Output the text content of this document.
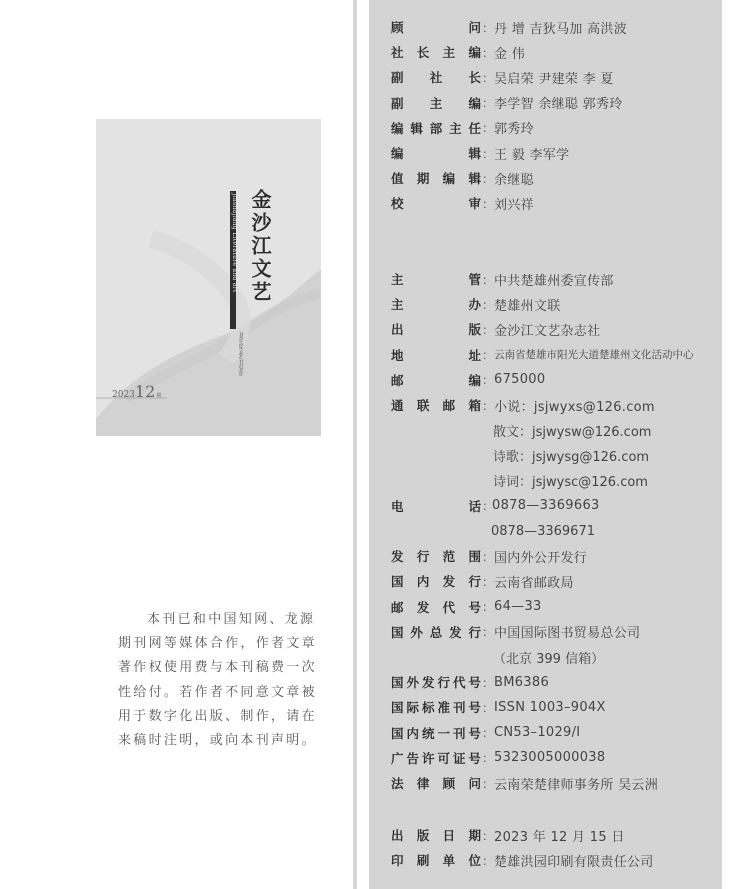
金沙江文艺
Jinshajiang Literature and art
金沙江文艺杂志社
202312期
本刊已和中国知网、龙源期刊网等媒体合作，作者文章著作权使用费与本刊稿费一次性给付。若作者不同意文章被用于数字化出版、制作，请在来稿时注明，或向本刊声明。
顾	问 ： 丹 增 吉狄马加 高洪波
社 长 主 编 ： 金 伟
副 社 长 ： 吴启荣 尹建荣 李 夏
副 主 编 ： 李学智 余继聪 郭秀玲
编 辑 部 主 任 ： 郭秀玲
编	辑 ： 王 毅 李军学
值 期 编 辑 ： 余继聪
校	审 ： 刘兴祥
主	管 ： 中共楚雄州委宣传部
主	办 ： 楚雄州文联
出	版 ： 金沙江文艺杂志社
地	址 ： 云南省楚雄市阳光大道楚雄州文化活动中心
邮	编 ： 675000
通 联 邮 箱 ： 小说：jsjwyxs@126.com
散文：jsjwysw@126.com
诗歌：jsjwysg@126.com
诗词：jsjwysc@126.com
电	话 ：
0878—3369663
0878—3369671
发 行 范 围 ： 国内外公开发行
国 内 发 行 ： 云南省邮政局
邮 发 代 号 ： 64—33
国 外 总 发 行 ： 中国国际图书贸易总公司
（北京 399 信箱）
国 外 发 行 代 号 ： BM6386
国 际 标 准 刊 号 ： ISSN 1003–904X
国 内 统 一 刊 号 ： CN53–1029/I
广 告 许 可 证 号 ： 5323005000038
法 律 顾 问 ： 云南荣楚律师事务所 吴云洲
出 版 日 期 ： 2023 年 12 月 15 日
印 刷 单 位 ： 楚雄洪园印刷有限责任公司
